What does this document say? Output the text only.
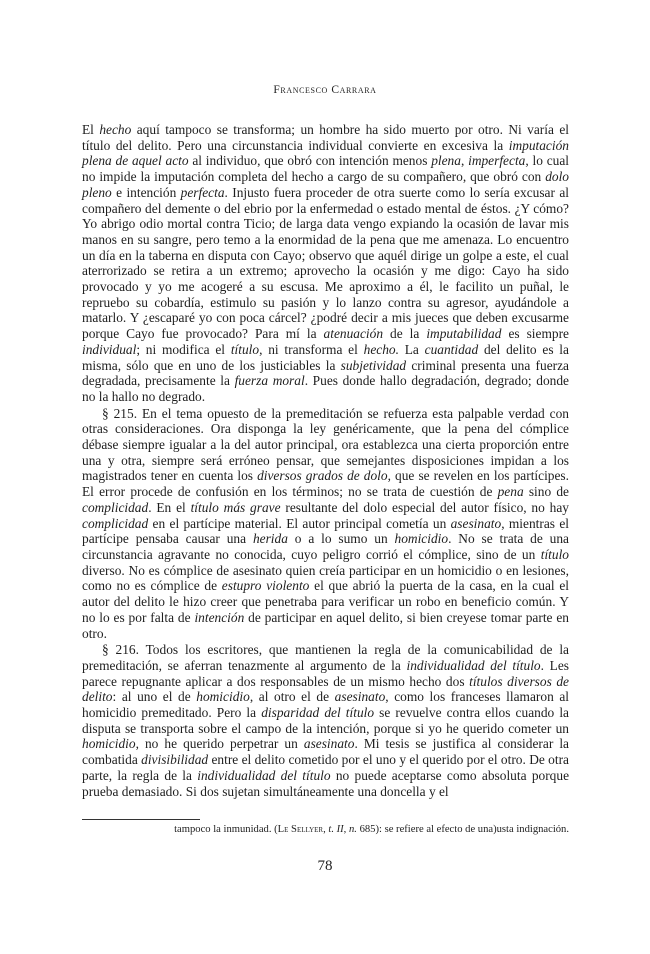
Francesco Carrara

El hecho aquí tampoco se transforma; un hombre ha sido muerto por otro. Ni varía el título del delito. Pero una circunstancia individual convierte en excesiva la imputación plena de aquel acto al individuo, que obró con intención menos plena, imperfecta, lo cual no impide la imputación completa del hecho a cargo de su compañero, que obró con dolo pleno e intención perfecta. Injusto fuera proceder de otra suerte como lo sería excusar al compañero del demente o del ebrio por la enfermedad o estado mental de éstos. ¿Y cómo? Yo abrigo odio mortal contra Ticio; de larga data vengo expiando la ocasión de lavar mis manos en su sangre, pero temo a la enormidad de la pena que me amenaza. Lo encuentro un día en la taberna en disputa con Cayo; observo que aquél dirige un golpe a este, el cual aterrorizado se retira a un extremo; aprovecho la ocasión y me digo: Cayo ha sido provocado y yo me acogeré a su escusa. Me aproximo a él, le facilito un puñal, le repruebo su cobardía, estimulo su pasión y lo lanzo contra su agresor, ayudándole a matarlo. Y ¿escaparé yo con poca cárcel? ¿podré decir a mis jueces que deben excusarme porque Cayo fue provocado? Para mí la atenuación de la imputabilidad es siempre individual; ni modifica el título, ni transforma el hecho. La cuantidad del delito es la misma, sólo que en uno de los justiciables la subjetividad criminal presenta una fuerza degradada, precisamente la fuerza moral. Pues donde hallo degradación, degrado; donde no la hallo no degrado.

§ 215. En el tema opuesto de la premeditación se refuerza esta palpable verdad con otras consideraciones. Ora disponga la ley genéricamente, que la pena del cómplice débase siempre igualar a la del autor principal, ora establezca una cierta proporción entre una y otra, siempre será erróneo pensar, que semejantes disposiciones impidan a los magistrados tener en cuenta los diversos grados de dolo, que se revelen en los partícipes. El error procede de confusión en los términos; no se trata de cuestión de pena sino de complicidad. En el título más grave resultante del dolo especial del autor físico, no hay complicidad en el partícipe material. El autor principal cometía un asesinato, mientras el partícipe pensaba causar una herida o a lo sumo un homicidio. No se trata de una circunstancia agravante no conocida, cuyo peligro corrió el cómplice, sino de un título diverso. No es cómplice de asesinato quien creía participar en un homicidio o en lesiones, como no es cómplice de estupro violento el que abrió la puerta de la casa, en la cual el autor del delito le hizo creer que penetraba para verificar un robo en beneficio común. Y no lo es por falta de intención de participar en aquel delito, si bien creyese tomar parte en otro.

§ 216. Todos los escritores, que mantienen la regla de la comunicabilidad de la premeditación, se aferran tenazmente al argumento de la individualidad del título. Les parece repugnante aplicar a dos responsables de un mismo hecho dos títulos diversos de delito: al uno el de homicidio, al otro el de asesinato, como los franceses llamaron al homicidio premeditado. Pero la disparidad del título se revuelve contra ellos cuando la disputa se transporta sobre el campo de la intención, porque si yo he querido cometer un homicidio, no he querido perpetrar un asesinato. Mi tesis se justifica al considerar la combatida divisibilidad entre el delito cometido por el uno y el querido por el otro. De otra parte, la regla de la individualidad del título no puede aceptarse como absoluta porque prueba demasiado. Si dos sujetan simultáneamente una doncella y el

tampoco la inmunidad. (Le Sellyer, t. II, n. 685): se refiere al efecto de una)usta indignación.
78
